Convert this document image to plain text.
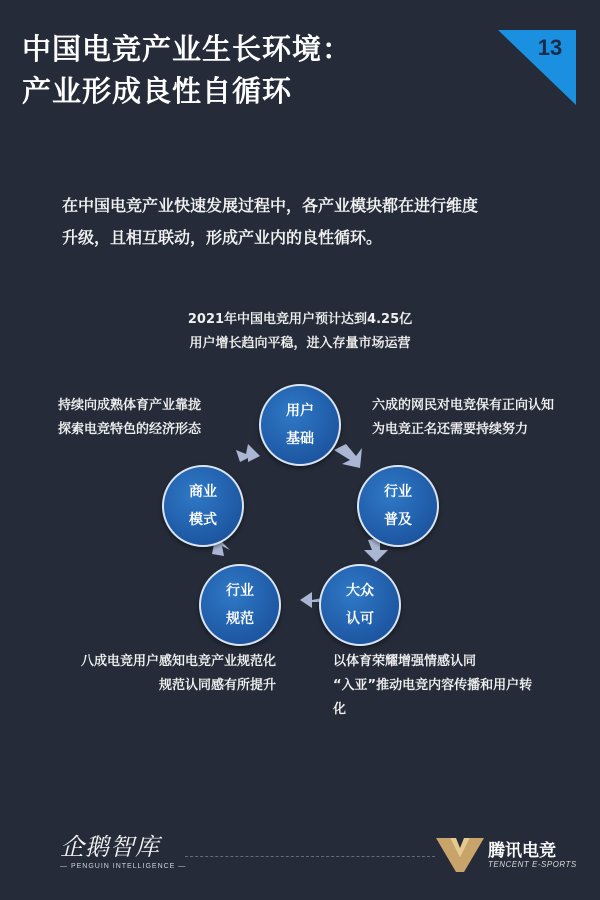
中国电竞产业生长环境：
产业形成良性自循环
13
在中国电竞产业快速发展过程中，各产业模块都在进行维度
升级，且相互联动，形成产业内的良性循环。
用户
基础
行业
普及
大众
认可
行业
规范
商业
模式
2021年中国电竞用户预计达到4.25亿
用户增长趋向平稳，进入存量市场运营
六成的网民对电竞保有正向认知
为电竞正名还需要持续努力
以体育荣耀增强情感认同
“入亚”推动电竞内容传播和用户转
化
八成电竞用户感知电竞产业规范化
规范认同感有所提升
持续向成熟体育产业靠拢
探索电竞特色的经济形态
企鹅智库
— PENGUIN INTELLIGENCE —
腾讯电竞
TENCENT E-SPORTS
